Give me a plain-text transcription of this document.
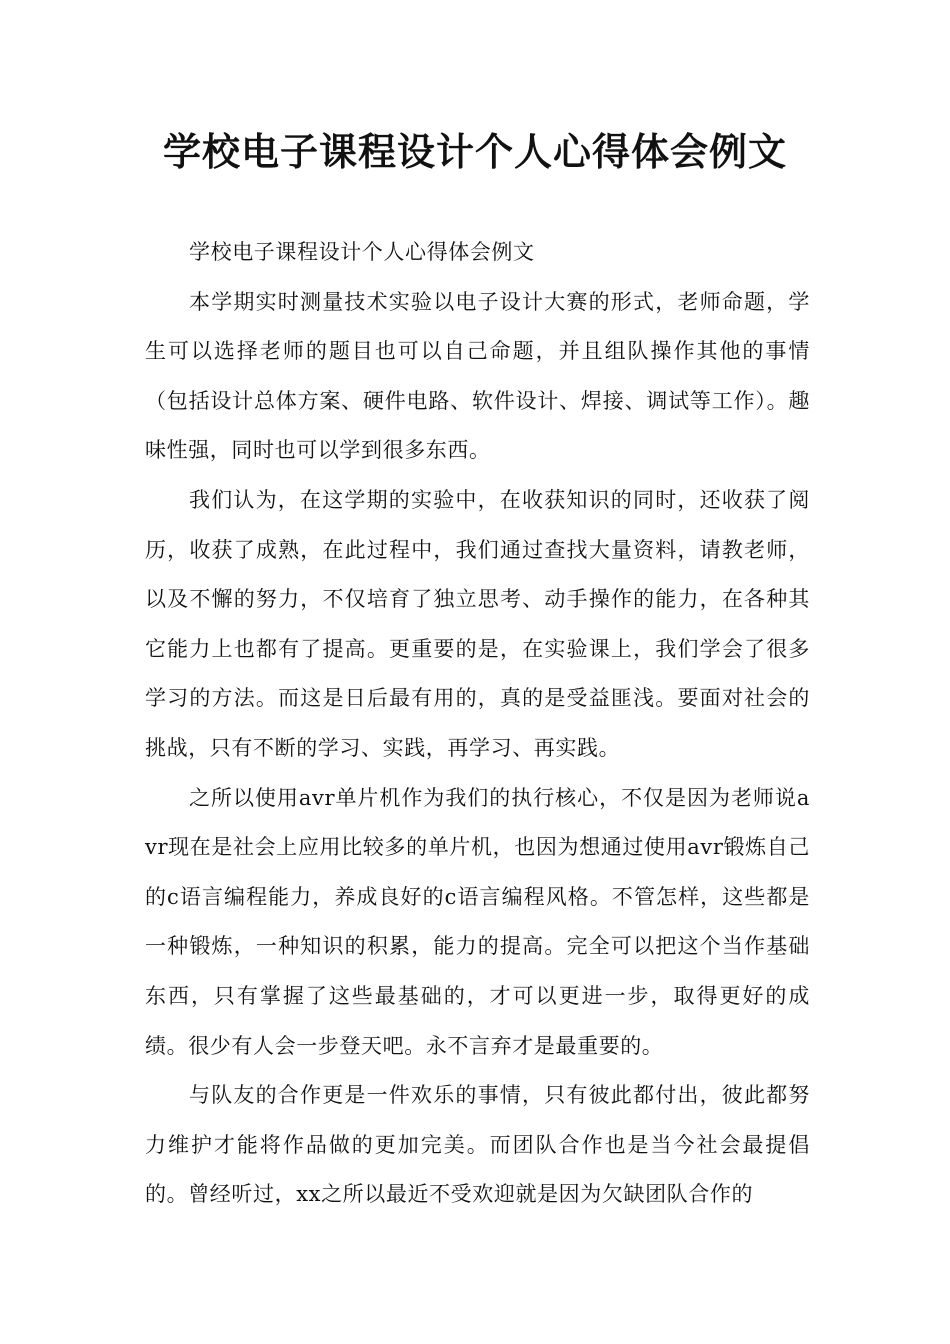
学校电子课程设计个人心得体会例文

学校电子课程设计个人心得体会例文

本学期实时测量技术实验以电子设计大赛的形式，老师命题，学生可以选择老师的题目也可以自己命题，并且组队操作其他的事情（包括设计总体方案、硬件电路、软件设计、焊接、调试等工作）。趣味性强，同时也可以学到很多东西。

我们认为，在这学期的实验中，在收获知识的同时，还收获了阅历，收获了成熟，在此过程中，我们通过查找大量资料，请教老师，以及不懈的努力，不仅培育了独立思考、动手操作的能力，在各种其它能力上也都有了提高。更重要的是，在实验课上，我们学会了很多学习的方法。而这是日后最有用的，真的是受益匪浅。要面对社会的挑战，只有不断的学习、实践，再学习、再实践。

之所以使用avr单片机作为我们的执行核心，不仅是因为老师说avr现在是社会上应用比较多的单片机，也因为想通过使用avr锻炼自己的c语言编程能力，养成良好的c语言编程风格。不管怎样，这些都是一种锻炼，一种知识的积累，能力的提高。完全可以把这个当作基础东西，只有掌握了这些最基础的，才可以更进一步，取得更好的成绩。很少有人会一步登天吧。永不言弃才是最重要的。

与队友的合作更是一件欢乐的事情，只有彼此都付出，彼此都努力维护才能将作品做的更加完美。而团队合作也是当今社会最提倡的。曾经听过，xx之所以最近不受欢迎就是因为欠缺团队合作的
